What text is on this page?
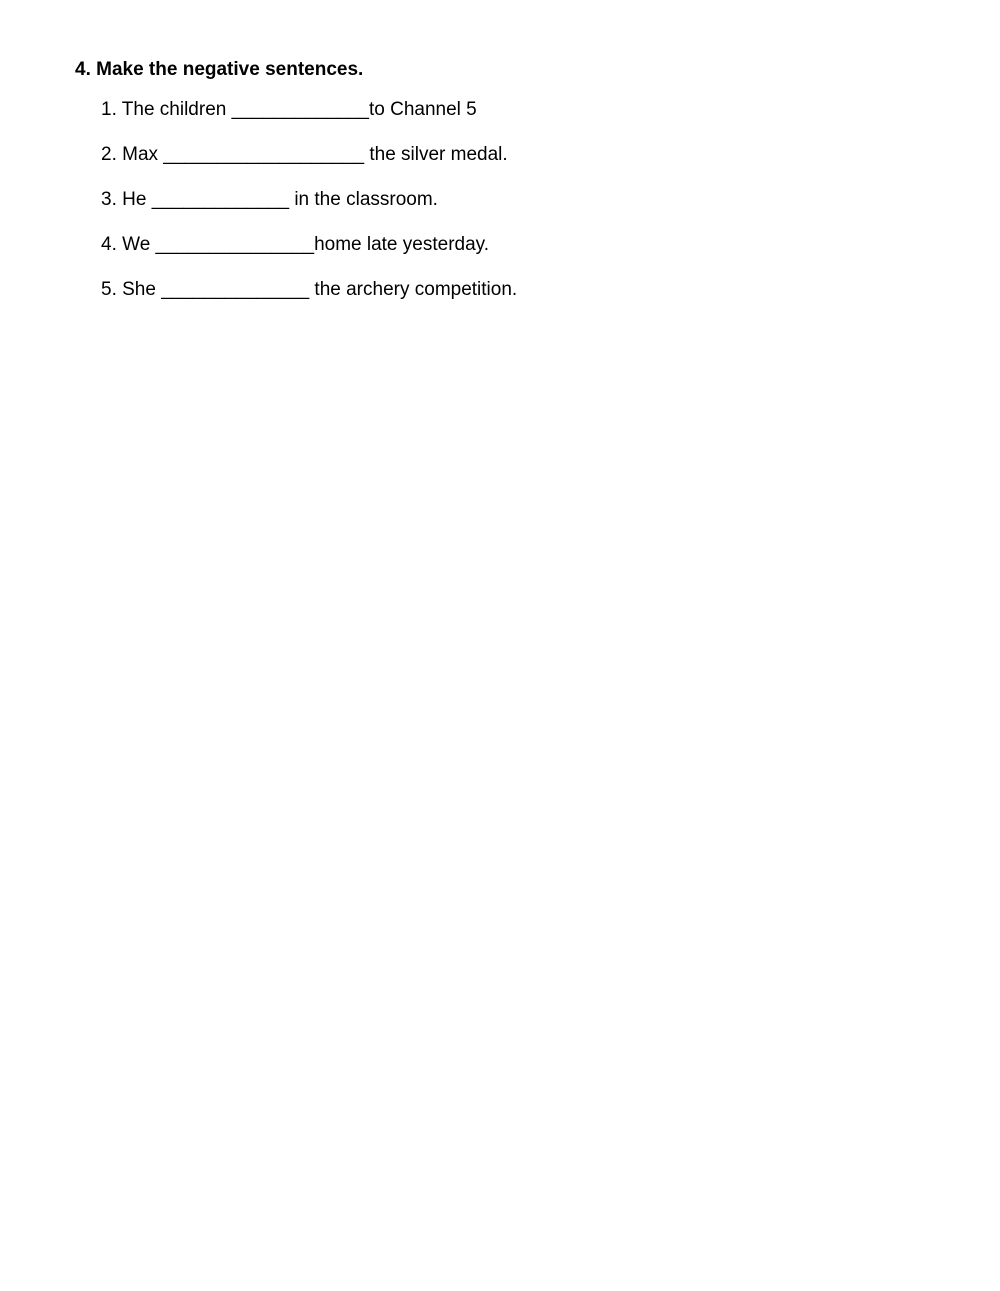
4. Make the negative sentences.
1. The children _____________to Channel 5
2. Max ___________________ the silver medal.
3. He _____________ in the classroom.
4. We _______________home late yesterday.
5. She ______________ the archery competition.
